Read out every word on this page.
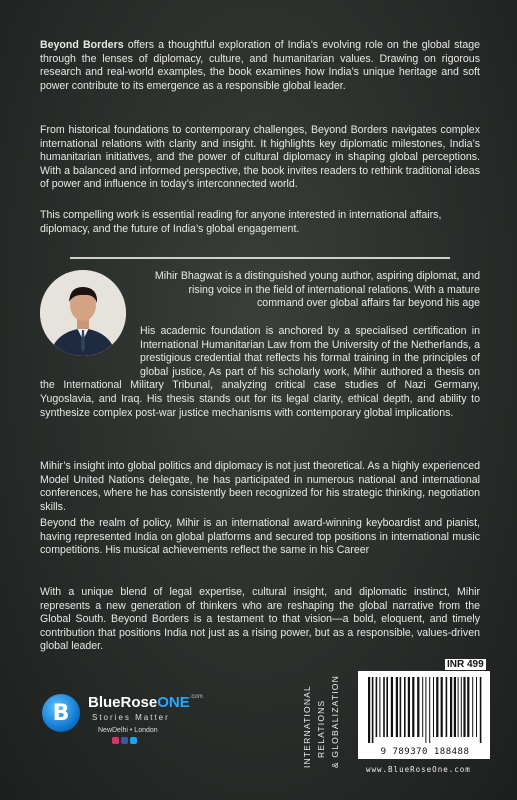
Beyond Borders offers a thoughtful exploration of India’s evolving role on the global stage through the lenses of diplomacy, culture, and humanitarian values. Drawing on rigorous research and real-world examples, the book examines how India’s unique heritage and soft power contribute to its emergence as a responsible global leader.

From historical foundations to contemporary challenges, Beyond Borders navigates complex international relations with clarity and insight. It highlights key diplomatic milestones, India’s humanitarian initiatives, and the power of cultural diplomacy in shaping global perceptions. With a balanced and informed perspective, the book invites readers to rethink traditional ideas of power and influence in today’s interconnected world.

This compelling work is essential reading for anyone interested in international affairs, diplomacy, and the future of India’s global engagement.

Mihir Bhagwat is a distinguished young author, aspiring diplomat, and rising voice in the field of international relations. With a mature command over global affairs far beyond his age

His academic foundation is anchored by a specialised certification in International Humanitarian Law from the University of the Netherlands, a prestigious credential that reflects his formal training in the principles of global justice, As part of his scholarly work, Mihir authored a thesis on the International Military Tribunal, analyzing critical case studies of Nazi Germany, Yugoslavia, and Iraq. His thesis stands out for its legal clarity, ethical depth, and ability to synthesize complex post-war justice mechanisms with contemporary global implications.

Mihir’s insight into global politics and diplomacy is not just theoretical. As a highly experienced Model United Nations delegate, he has participated in numerous national and international conferences, where he has consistently been recognized for his strategic thinking, negotiation skills.

Beyond the realm of policy, Mihir is an international award-winning keyboardist and pianist, having represented India on global platforms and secured top positions in international music competitions. His musical achievements reflect the same in his Career

With a unique blend of legal expertise, cultural insight, and diplomatic instinct, Mihir represents a new generation of thinkers who are reshaping the global narrative from the Global South. Beyond Borders is a testament to that vision—a bold, eloquent, and timely contribution that positions India not just as a rising power, but as a responsible, values-driven global leader.

B BlueRoseONE$^{.com}$
Stories Matter
NewDelhi • London	INTERNATIONAL RELATIONS & GLOBALIZATION
INR 499
9 789370 188488
www.BlueRoseOne.com
